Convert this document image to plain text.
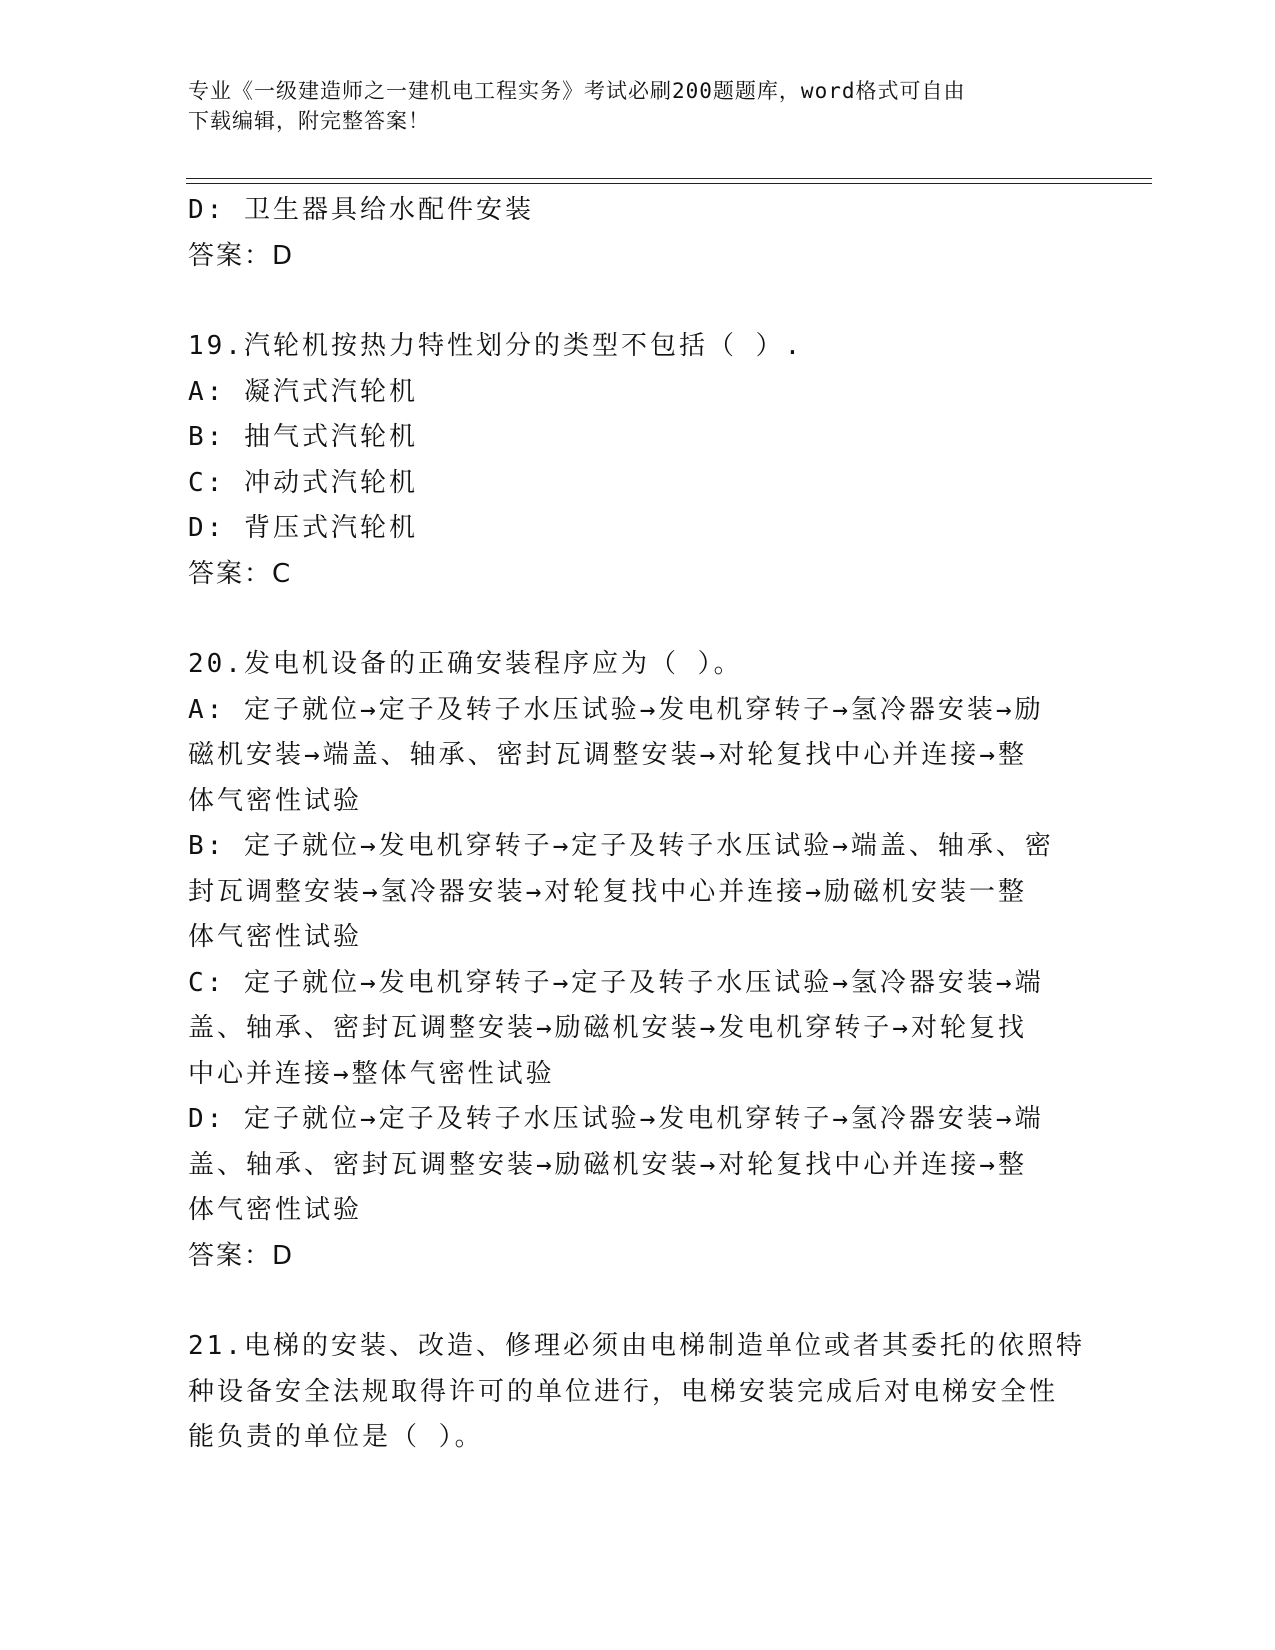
专业《一级建造师之一建机电工程实务》考试必刷200题题库，word格式可自由
下载编辑，附完整答案！
D: 卫生器具给水配件安装
答案：D
19.汽轮机按热力特性划分的类型不包括（ ）.
A: 凝汽式汽轮机
B: 抽气式汽轮机
C: 冲动式汽轮机
D: 背压式汽轮机
答案：C
20.发电机设备的正确安装程序应为（ ）。
A: 定子就位→定子及转子水压试验→发电机穿转子→氢冷器安装→励
磁机安装→端盖、轴承、密封瓦调整安装→对轮复找中心并连接→整
体气密性试验
B: 定子就位→发电机穿转子→定子及转子水压试验→端盖、轴承、密
封瓦调整安装→氢冷器安装→对轮复找中心并连接→励磁机安装一整
体气密性试验
C: 定子就位→发电机穿转子→定子及转子水压试验→氢冷器安装→端
盖、轴承、密封瓦调整安装→励磁机安装→发电机穿转子→对轮复找
中心并连接→整体气密性试验
D: 定子就位→定子及转子水压试验→发电机穿转子→氢冷器安装→端
盖、轴承、密封瓦调整安装→励磁机安装→对轮复找中心并连接→整
体气密性试验
答案：D
21.电梯的安装、改造、修理必须由电梯制造单位或者其委托的依照特
种设备安全法规取得许可的单位进行，电梯安装完成后对电梯安全性
能负责的单位是（ ）。
